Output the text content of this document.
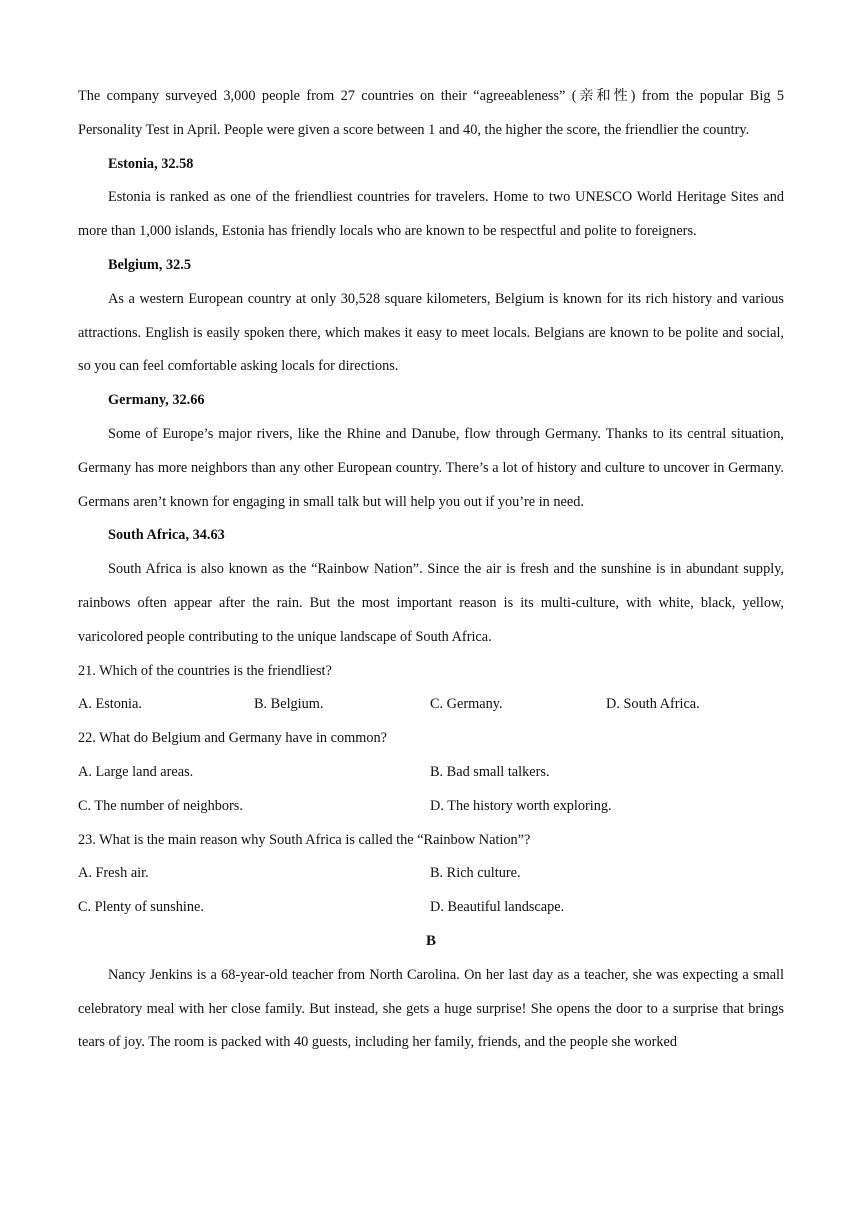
The company surveyed 3,000 people from 27 countries on their “agreeableness” (亲和性) from the popular Big 5 Personality Test in April. People were given a score between 1 and 40, the higher the score, the friendlier the country.

Estonia, 32.58

Estonia is ranked as one of the friendliest countries for travelers. Home to two UNESCO World Heritage Sites and more than 1,000 islands, Estonia has friendly locals who are known to be respectful and polite to foreigners.

Belgium, 32.5

As a western European country at only 30,528 square kilometers, Belgium is known for its rich history and various attractions. English is easily spoken there, which makes it easy to meet locals. Belgians are known to be polite and social, so you can feel comfortable asking locals for directions.

Germany, 32.66

Some of Europe’s major rivers, like the Rhine and Danube, flow through Germany. Thanks to its central situation, Germany has more neighbors than any other European country. There’s a lot of history and culture to uncover in Germany. Germans aren’t known for engaging in small talk but will help you out if you’re in need.

South Africa, 34.63

South Africa is also known as the “Rainbow Nation”. Since the air is fresh and the sunshine is in abundant supply, rainbows often appear after the rain. But the most important reason is its multi-culture, with white, black, yellow, varicolored people contributing to the unique landscape of South Africa.

21. Which of the countries is the friendliest?

A. Estonia.	B. Belgium.	C. Germany.	D. South Africa.

22. What do Belgium and Germany have in common?

A. Large land areas.	B. Bad small talkers.
C. The number of neighbors.	D. The history worth exploring.

23. What is the main reason why South Africa is called the “Rainbow Nation”?

A. Fresh air.	B. Rich culture.
C. Plenty of sunshine.	D. Beautiful landscape.

B

Nancy Jenkins is a 68-year-old teacher from North Carolina. On her last day as a teacher, she was expecting a small celebratory meal with her close family. But instead, she gets a huge surprise! She opens the door to a surprise that brings tears of joy. The room is packed with 40 guests, including her family, friends, and the people she worked
